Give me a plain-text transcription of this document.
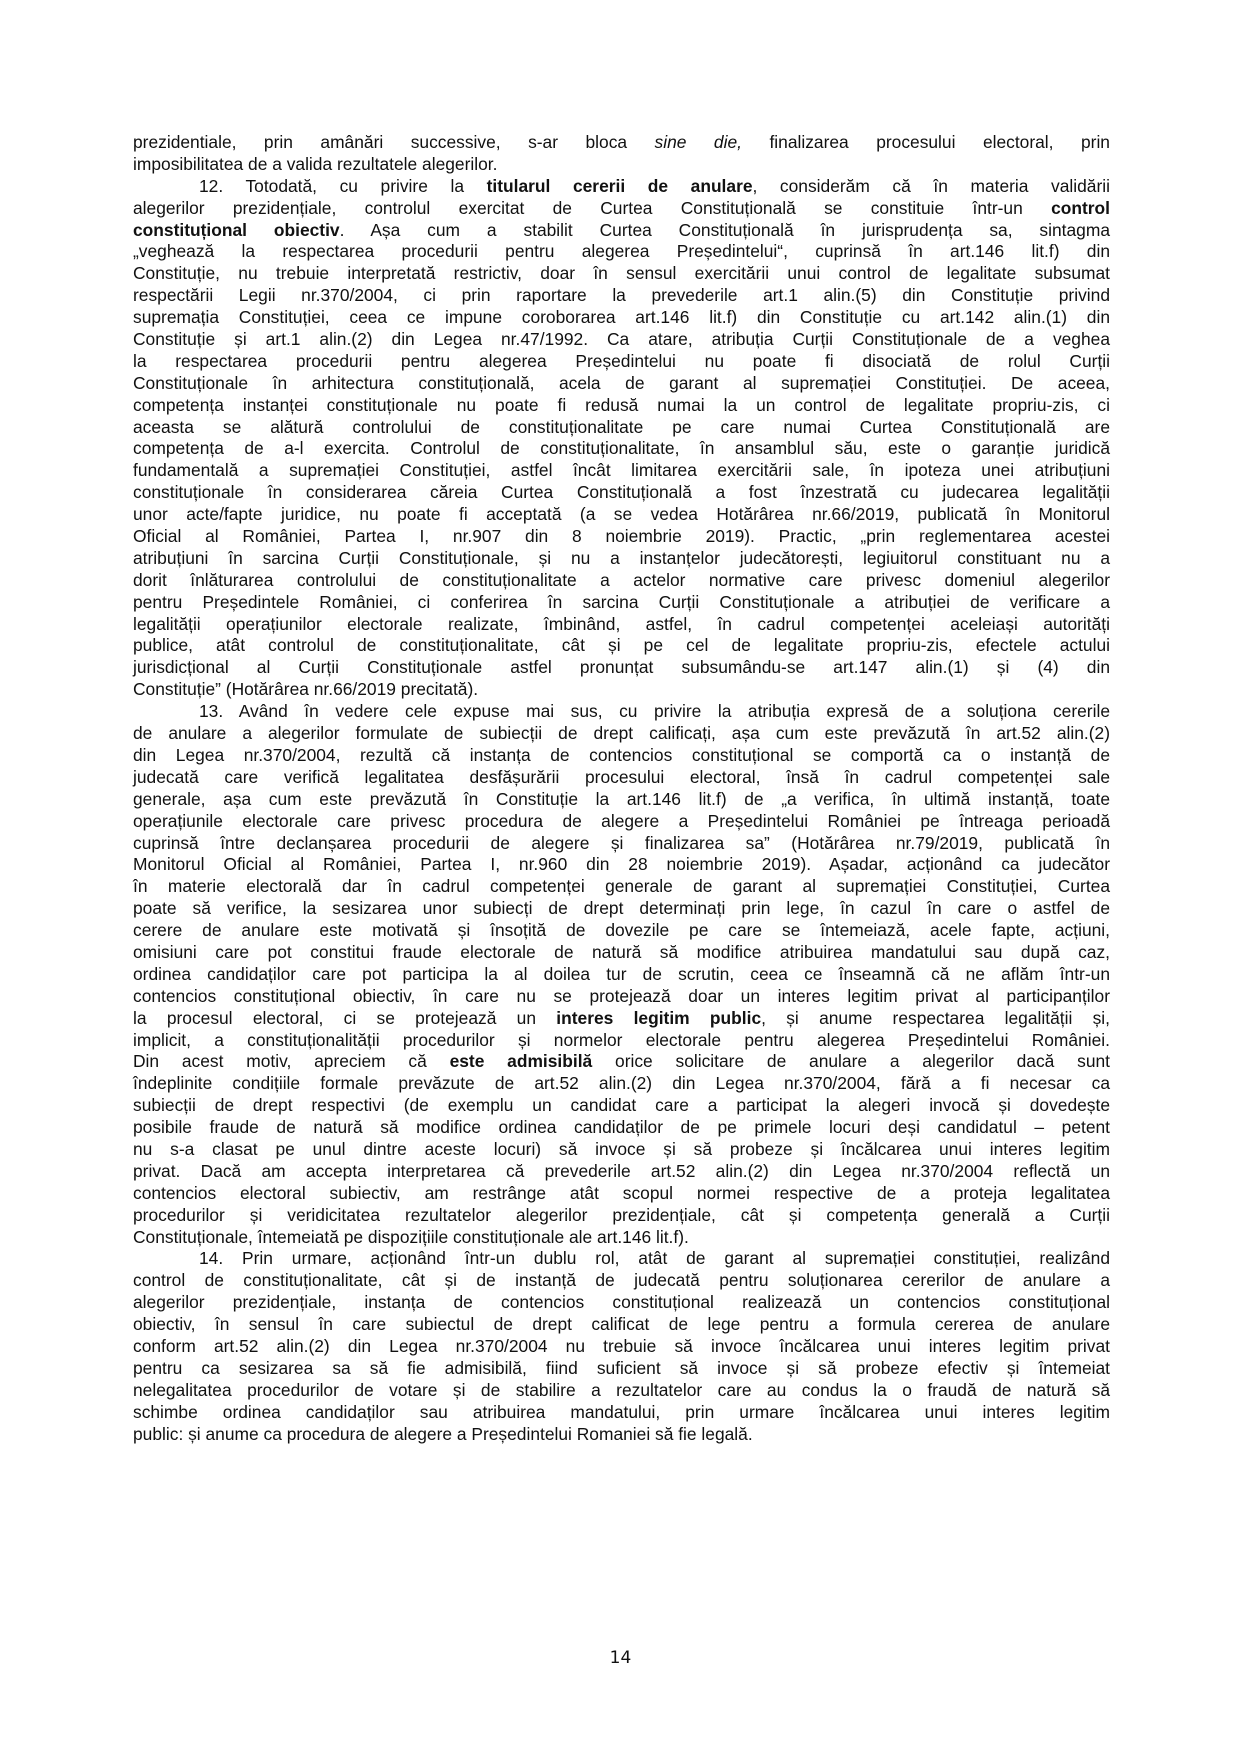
prezidentiale, prin amânări successive, s-ar bloca sine die, finalizarea procesului electoral, prin
imposibilitatea de a valida rezultatele alegerilor.
12. Totodată, cu privire la titularul cererii de anulare, considerăm că în materia validării
alegerilor prezidențiale, controlul exercitat de Curtea Constituțională se constituie într-un control
constituțional obiectiv. Așa cum a stabilit Curtea Constituțională în jurisprudența sa, sintagma
„veghează la respectarea procedurii pentru alegerea Președintelui“, cuprinsă în art.146 lit.f) din
Constituție, nu trebuie interpretată restrictiv, doar în sensul exercitării unui control de legalitate subsumat
respectării Legii nr.370/2004, ci prin raportare la prevederile art.1 alin.(5) din Constituție privind
supremația Constituției, ceea ce impune coroborarea art.146 lit.f) din Constituție cu art.142 alin.(1) din
Constituție și art.1 alin.(2) din Legea nr.47/1992. Ca atare, atribuția Curții Constituționale de a veghea
la respectarea procedurii pentru alegerea Președintelui nu poate fi disociată de rolul Curții
Constituționale în arhitectura constituțională, acela de garant al supremației Constituției. De aceea,
competența instanței constituționale nu poate fi redusă numai la un control de legalitate propriu-zis, ci
aceasta se alătură controlului de constituționalitate pe care numai Curtea Constituțională are
competența de a-l exercita. Controlul de constituționalitate, în ansamblul său, este o garanție juridică
fundamentală a supremației Constituției, astfel încât limitarea exercitării sale, în ipoteza unei atribuțiuni
constituționale în considerarea căreia Curtea Constituțională a fost înzestrată cu judecarea legalității
unor acte/fapte juridice, nu poate fi acceptată (a se vedea Hotărârea nr.66/2019, publicată în Monitorul
Oficial al României, Partea I, nr.907 din 8 noiembrie 2019). Practic, „prin reglementarea acestei
atribuțiuni în sarcina Curții Constituționale, și nu a instanțelor judecătorești, legiuitorul constituant nu a
dorit înlăturarea controlului de constituționalitate a actelor normative care privesc domeniul alegerilor
pentru Președintele României, ci conferirea în sarcina Curții Constituționale a atribuției de verificare a
legalității operațiunilor electorale realizate, îmbinând, astfel, în cadrul competenței aceleiași autorități
publice, atât controlul de constituționalitate, cât și pe cel de legalitate propriu-zis, efectele actului
jurisdicțional al Curții Constituționale astfel pronunțat subsumându-se art.147 alin.(1) și (4) din
Constituție” (Hotărârea nr.66/2019 precitată).
13. Având în vedere cele expuse mai sus, cu privire la atribuția expresă de a soluționa cererile
de anulare a alegerilor formulate de subiecții de drept calificați, așa cum este prevăzută în art.52 alin.(2)
din Legea nr.370/2004, rezultă că instanța de contencios constituțional se comportă ca o instanță de
judecată care verifică legalitatea desfășurării procesului electoral, însă în cadrul competenței sale
generale, așa cum este prevăzută în Constituție la art.146 lit.f) de „a verifica, în ultimă instanță, toate
operațiunile electorale care privesc procedura de alegere a Președintelui României pe întreaga perioadă
cuprinsă între declanșarea procedurii de alegere și finalizarea sa” (Hotărârea nr.79/2019, publicată în
Monitorul Oficial al României, Partea I, nr.960 din 28 noiembrie 2019). Așadar, acționând ca judecător
în materie electorală dar în cadrul competenței generale de garant al supremației Constituției, Curtea
poate să verifice, la sesizarea unor subiecți de drept determinați prin lege, în cazul în care o astfel de
cerere de anulare este motivată și însoțită de dovezile pe care se întemeiază, acele fapte, acțiuni,
omisiuni care pot constitui fraude electorale de natură să modifice atribuirea mandatului sau după caz,
ordinea candidaților care pot participa la al doilea tur de scrutin, ceea ce înseamnă că ne aflăm într-un
contencios constituțional obiectiv, în care nu se protejează doar un interes legitim privat al participanților
la procesul electoral, ci se protejează un interes legitim public, și anume respectarea legalității și,
implicit, a constituționalității procedurilor și normelor electorale pentru alegerea Președintelui României.
Din acest motiv, apreciem că este admisibilă orice solicitare de anulare a alegerilor dacă sunt
îndeplinite condițiile formale prevăzute de art.52 alin.(2) din Legea nr.370/2004, fără a fi necesar ca
subiecții de drept respectivi (de exemplu un candidat care a participat la alegeri invocă și dovedește
posibile fraude de natură să modifice ordinea candidaților de pe primele locuri deși candidatul – petent
nu s-a clasat pe unul dintre aceste locuri) să invoce și să probeze și încălcarea unui interes legitim
privat. Dacă am accepta interpretarea că prevederile art.52 alin.(2) din Legea nr.370/2004 reflectă un
contencios electoral subiectiv, am restrânge atât scopul normei respective de a proteja legalitatea
procedurilor și veridicitatea rezultatelor alegerilor prezidențiale, cât și competența generală a Curții
Constituționale, întemeiată pe dispozițiile constituționale ale art.146 lit.f).
14. Prin urmare, acționând într-un dublu rol, atât de garant al supremației constituției, realizând
control de constituționalitate, cât și de instanță de judecată pentru soluționarea cererilor de anulare a
alegerilor prezidențiale, instanța de contencios constituțional realizează un contencios constituțional
obiectiv, în sensul în care subiectul de drept calificat de lege pentru a formula cererea de anulare
conform art.52 alin.(2) din Legea nr.370/2004 nu trebuie să invoce încălcarea unui interes legitim privat
pentru ca sesizarea sa să fie admisibilă, fiind suficient să invoce și să probeze efectiv și întemeiat
nelegalitatea procedurilor de votare și de stabilire a rezultatelor care au condus la o fraudă de natură să
schimbe ordinea candidaților sau atribuirea mandatului, prin urmare încălcarea unui interes legitim
public: și anume ca procedura de alegere a Președintelui Romaniei să fie legală.
14
